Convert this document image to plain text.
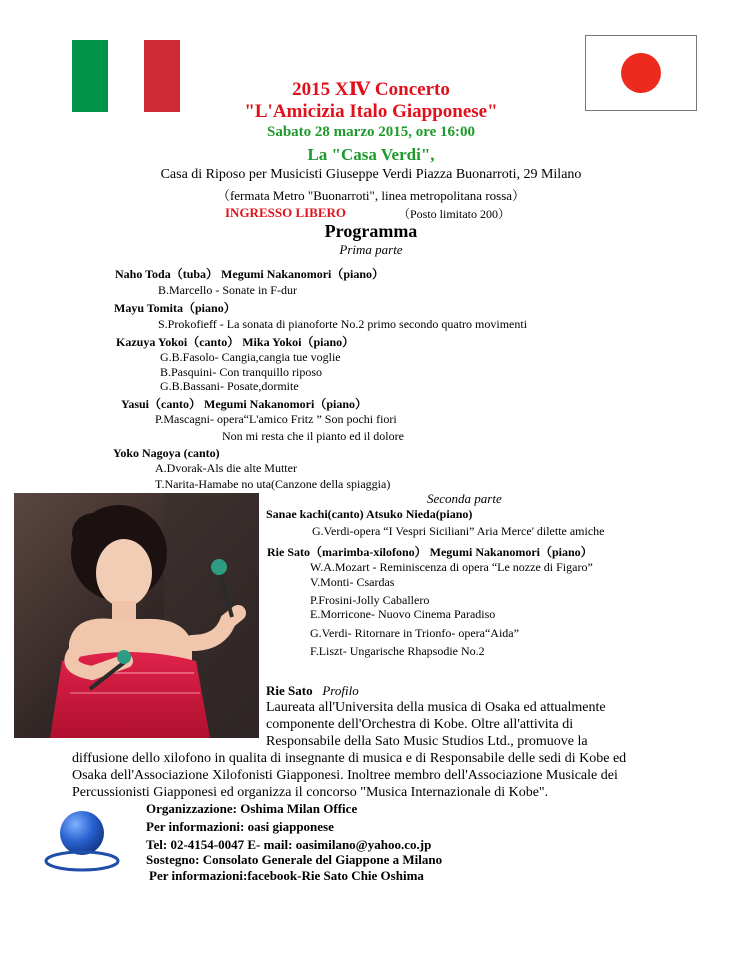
2015 XⅣ Concerto
"L'Amicizia Italo Giapponese"
Sabato 28 marzo 2015, ore 16:00
La "Casa Verdi",
Casa di Riposo per Musicisti Giuseppe Verdi Piazza Buonarroti, 29 Milano
（fermata Metro "Buonarroti", linea metropolitana rossa）
INGRESSO LIBERO	（Posto limitato 200）
Programma
Prima parte
Naho Toda（tuba） Megumi Nakanomori（piano）
B.Marcello - Sonate in F-dur
Mayu Tomita（piano）
S.Prokofieff - La sonata di pianoforte No.2 primo secondo quatro movimenti
Kazuya Yokoi（canto） Mika Yokoi（piano）
G.B.Fasolo- Cangia,cangia tue voglie
B.Pasquini- Con tranquillo riposo
G.B.Bassani- Posate,dormite
Yasui（canto） Megumi Nakanomori（piano）
P.Mascagni- opera“L'amico Fritz ” Son pochi fiori
Non mi resta che il pianto ed il dolore
Yoko Nagoya (canto)
A.Dvorak-Als die alte Mutter
T.Narita-Hamabe no uta(Canzone della spiaggia)
Seconda parte
Sanae kachi(canto) Atsuko Nieda(piano)
G.Verdi-opera “I Vespri Siciliani” Aria Merce' dilette amiche
Rie Sato（marimba-xilofono） Megumi Nakanomori（piano）
W.A.Mozart - Reminiscenza di opera “Le nozze di Figaro”
V.Monti- Csardas
P.Frosini-Jolly Caballero
E.Morricone- Nuovo Cinema Paradiso
G.Verdi- Ritornare in Trionfo- opera“Aida”
F.Liszt- Ungarische Rhapsodie No.2
Rie Sato Profilo
Laureata all'Universita della musica di Osaka ed attualmente
componente dell'Orchestra di Kobe. Oltre all'attivita di
Responsabile della Sato Music Studios Ltd., promuove la
diffusione dello xilofono in qualita di insegnante di musica e di Responsabile delle sedi di Kobe ed
Osaka dell'Associazione Xilofonisti Giapponesi. Inoltree membro dell'Associazione Musicale dei
Percussionisti Giapponesi ed organizza il concorso "Musica Internazionale di Kobe".
Organizzazione: Oshima Milan Office
Per informazioni: oasi giapponese
Tel: 02-4154-0047 E- mail: oasimilano@yahoo.co.jp
Sostegno: Consolato Generale del Giappone a Milano
Per informazioni:facebook-Rie Sato Chie Oshima
